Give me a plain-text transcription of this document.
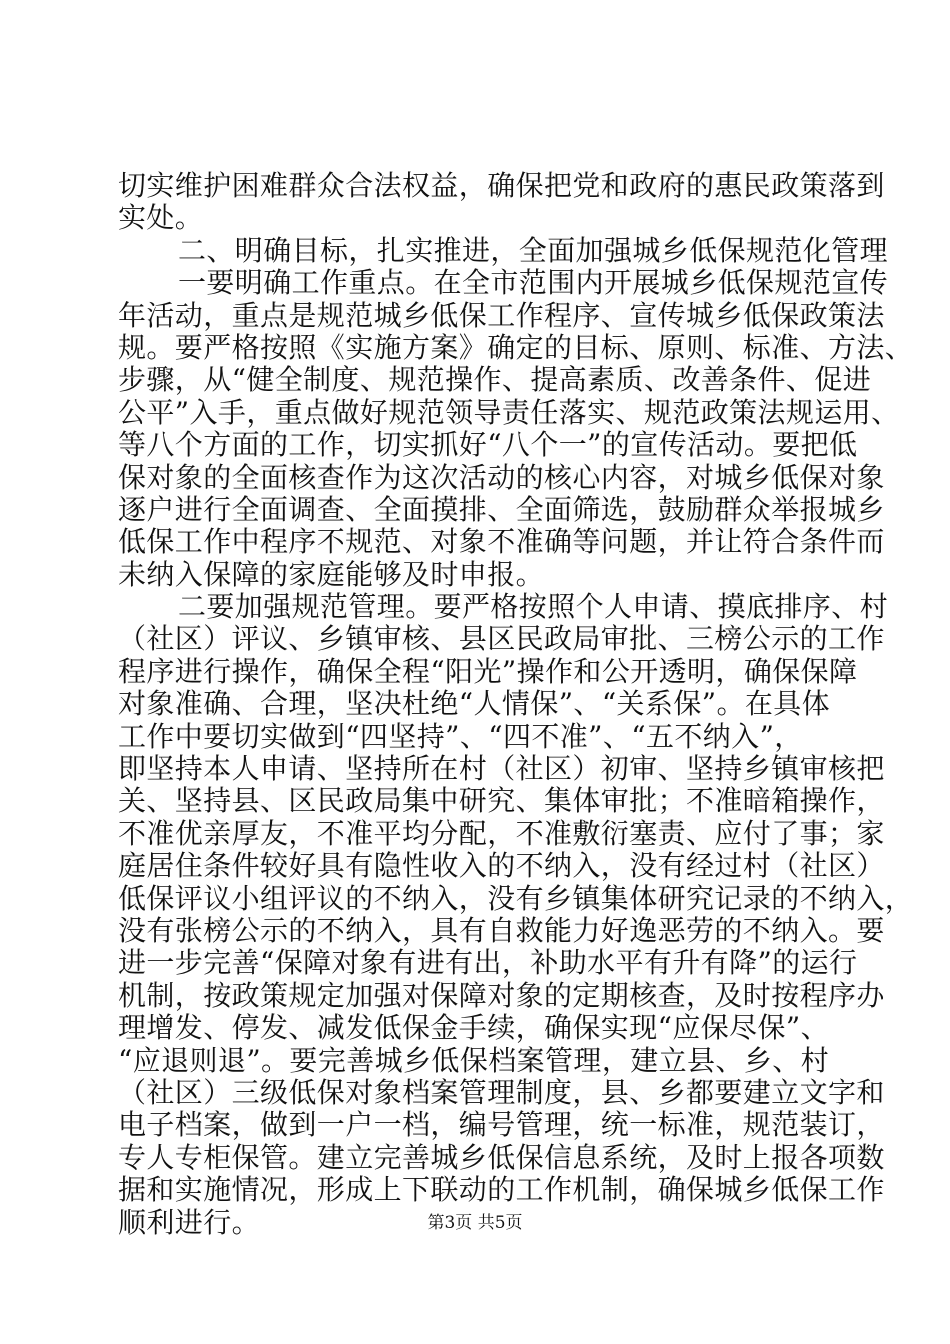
切实维护困难群众合法权益，确保把党和政府的惠民政策落到
实处。
二、明确目标，扎实推进，全面加强城乡低保规范化管理
一要明确工作重点。在全市范围内开展城乡低保规范宣传
年活动，重点是规范城乡低保工作程序、宣传城乡低保政策法
规。要严格按照《实施方案》确定的目标、原则、标准、方法、
步骤，从“健全制度、规范操作、提高素质、改善条件、促进
公平”入手，重点做好规范领导责任落实、规范政策法规运用、
等八个方面的工作，切实抓好“八个一”的宣传活动。要把低
保对象的全面核查作为这次活动的核心内容，对城乡低保对象
逐户进行全面调查、全面摸排、全面筛选，鼓励群众举报城乡
低保工作中程序不规范、对象不准确等问题，并让符合条件而
未纳入保障的家庭能够及时申报。
二要加强规范管理。要严格按照个人申请、摸底排序、村
（社区）评议、乡镇审核、县区民政局审批、三榜公示的工作
程序进行操作，确保全程“阳光”操作和公开透明，确保保障
对象准确、合理，坚决杜绝“人情保”、“关系保”。在具体
工作中要切实做到“四坚持”、“四不准”、“五不纳入”，
即坚持本人申请、坚持所在村（社区）初审、坚持乡镇审核把
关、坚持县、区民政局集中研究、集体审批；不准暗箱操作，
不准优亲厚友，不准平均分配，不准敷衍塞责、应付了事；家
庭居住条件较好具有隐性收入的不纳入，没有经过村（社区）
低保评议小组评议的不纳入，没有乡镇集体研究记录的不纳入，
没有张榜公示的不纳入，具有自救能力好逸恶劳的不纳入。要
进一步完善“保障对象有进有出，补助水平有升有降”的运行
机制，按政策规定加强对保障对象的定期核查，及时按程序办
理增发、停发、减发低保金手续，确保实现“应保尽保”、
“应退则退”。要完善城乡低保档案管理，建立县、乡、村
（社区）三级低保对象档案管理制度，县、乡都要建立文字和
电子档案，做到一户一档，编号管理，统一标准，规范装订，
专人专柜保管。建立完善城乡低保信息系统，及时上报各项数
据和实施情况，形成上下联动的工作机制，确保城乡低保工作
顺利进行。	第3页 共5页
